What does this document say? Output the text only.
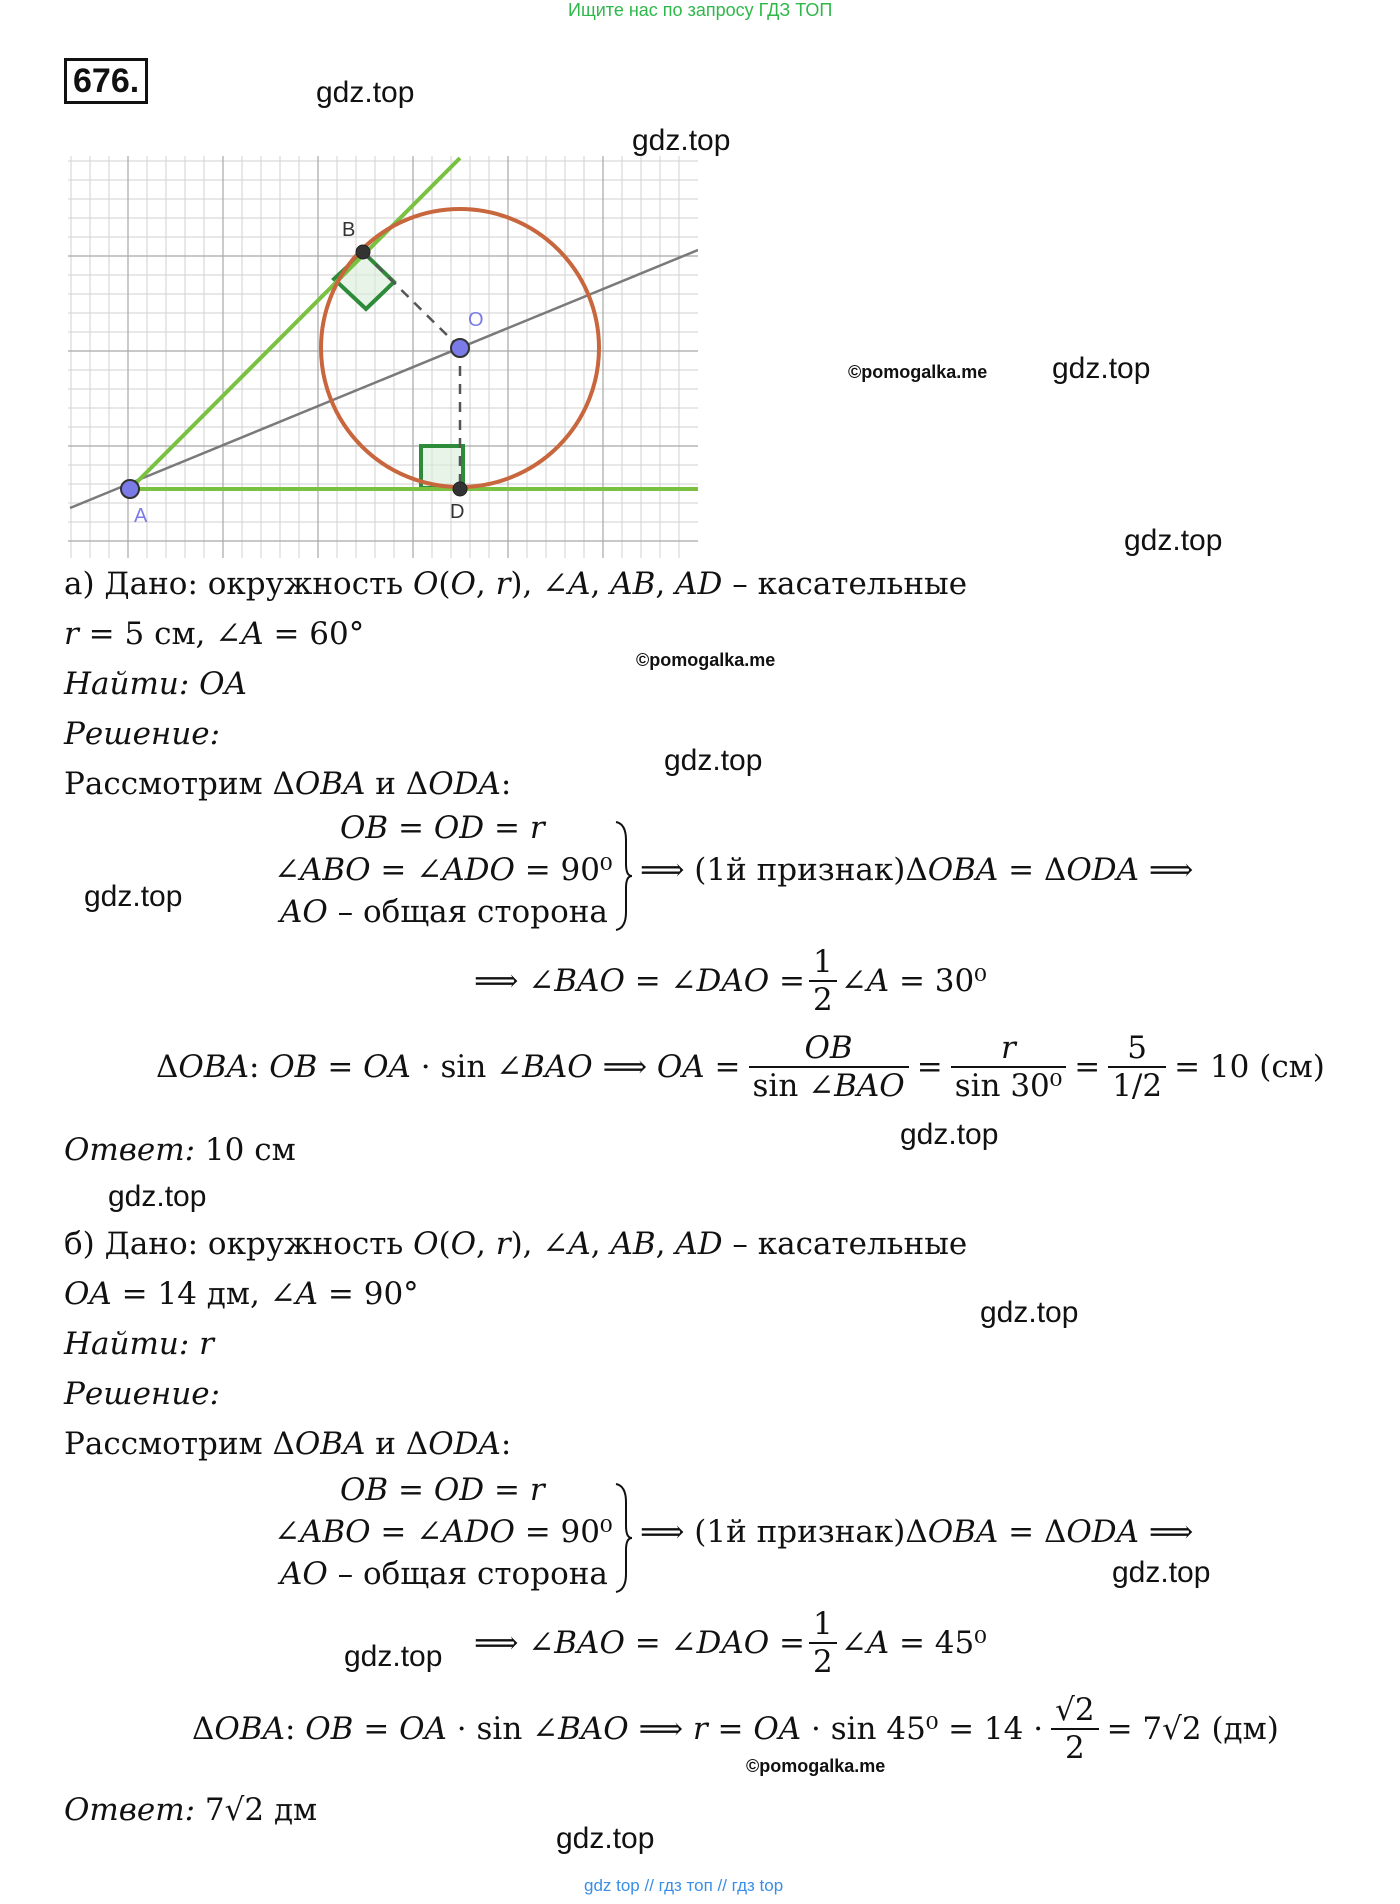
Ищите нас по запросу ГДЗ ТОП
676.	gdz.top
gdz.top
©pomogalka.me gdz.top
gdz.top
©pomogalka.me
gdz.top
gdz.top
gdz.top
gdz.top
gdz.top
gdz.top
gdz.top
©pomogalka.me
gdz.top
A
B
O
D
а) Дано: окружность 𝑂(𝑂, 𝑟), ∠𝐴, 𝐴𝐵, 𝐴𝐷 – касательные
𝑟 = 5 см, ∠𝐴 = 60°
Найти: 𝑂𝐴
Решение:
Рассмотрим Δ𝑂𝐵𝐴 и Δ𝑂𝐷𝐴:
𝑂𝐵 = 𝑂𝐷 = 𝑟
∠𝐴𝐵𝑂 = ∠𝐴𝐷𝑂 = 90⁰
𝐴𝑂 – общая сторона
⟹ (1й признак)Δ𝑂𝐵𝐴 = Δ𝑂𝐷𝐴 ⟹
⟹ ∠𝐵𝐴𝑂 = ∠𝐷𝐴𝑂 = $\frac{1}{2}$ ∠𝐴 = 30⁰
Δ𝑂𝐵𝐴: 𝑂𝐵 = 𝑂𝐴 · sin ∠𝐵𝐴𝑂 ⟹ 𝑂𝐴 = $\frac{\text{𝑂𝐵}}{\text{sin ∠𝐵𝐴𝑂}} = \frac{\text{𝑟}}{\text{sin 30⁰}} = \frac{5}{1/2} = 10$ (см)
Ответ: 10 см
б) Дано: окружность 𝑂(𝑂, 𝑟), ∠𝐴, 𝐴𝐵, 𝐴𝐷 – касательные
𝑂𝐴 = 14 дм, ∠𝐴 = 90°
Найти: 𝑟
Решение:
Рассмотрим Δ𝑂𝐵𝐴 и Δ𝑂𝐷𝐴:
𝑂𝐵 = 𝑂𝐷 = 𝑟
∠𝐴𝐵𝑂 = ∠𝐴𝐷𝑂 = 90⁰
𝐴𝑂 – общая сторона
⟹ (1й признак)Δ𝑂𝐵𝐴 = Δ𝑂𝐷𝐴 ⟹
⟹ ∠𝐵𝐴𝑂 = ∠𝐷𝐴𝑂 = $\frac{1}{2}$ ∠𝐴 = 45⁰
Δ𝑂𝐵𝐴: 𝑂𝐵 = 𝑂𝐴 · sin ∠𝐵𝐴𝑂 ⟹ 𝑟 = 𝑂𝐴 · $\sin 45^0 = 14 \cdot \frac{√2}{2} = 7√2$ (дм)
Ответ: 7√2 дм
gdz top // гдз топ // гдз top
